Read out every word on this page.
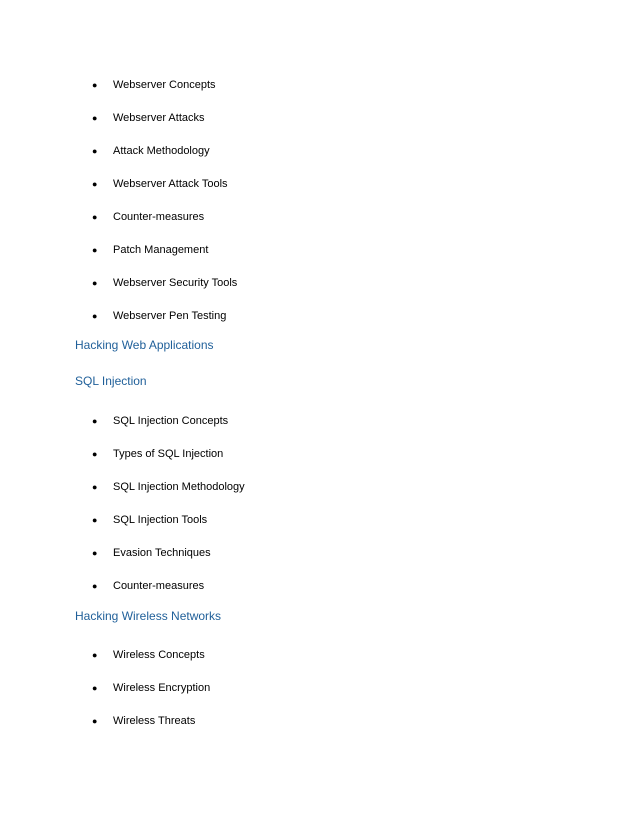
● Webserver Concepts
● Webserver Attacks
● Attack Methodology
● Webserver Attack Tools
● Counter-measures
● Patch Management
● Webserver Security Tools
● Webserver Pen Testing
Hacking Web Applications
SQL Injection
● SQL Injection Concepts
● Types of SQL Injection
● SQL Injection Methodology
● SQL Injection Tools
● Evasion Techniques
● Counter-measures
Hacking Wireless Networks
● Wireless Concepts
● Wireless Encryption
● Wireless Threats
